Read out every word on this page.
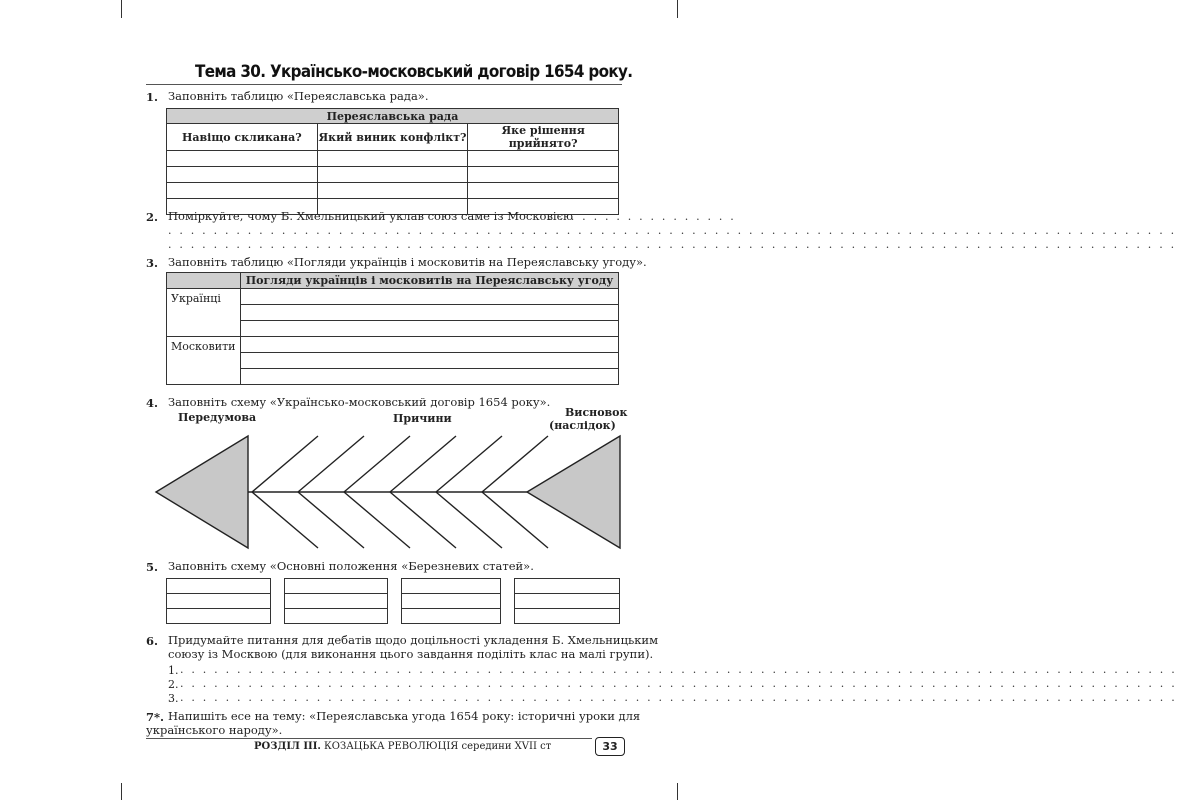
Тема 30. Українсько-московський договір 1654 року.
1. Заповніть таблицю «Переяславська рада».
Переяславська рада		
Навіщо скликана?	Який виник конфлікт?	Яке рішення прийнято?

2. Поміркуйте, чому Б. Хмельницький уклав союз саме із Московією
. . . . . . . . . . . . . . . . .
. . . . . . . . . . . . . . . . . . . . . . . . . . . . . . . . . . . . . . . . . . . . . . . . . . . . . . . . . . . . . . . . . . . . . . . . . . . . . . . . . . . . . . . . .
. . . . . . . . . . . . . . . . . . . . . . . . . . . . . . . . . . . . . . . . . . . . . . . . . . . . . . . . . . . . . . . . . . . . . . . . . . . . . . . . . . . . . . . . .
3. Заповніть таблицю «Погляди українців і московитів на Переяславську угоду».
	Погляди українців і московитів на Переяславську угоду
Українці	

Московити	

4. Заповніть схему «Українсько-московський договір 1654 року».
Передумова	Причини	Висновок
(наслідок)
5. Заповніть схему «Основні положення «Березневих статей».
6. Придумайте питання для дебатів щодо доцільності укладення Б. Хмельницьким
союзу із Москвою (для виконання цього завдання поділіть клас на малі групи).
1. . . . . . . . . . . . . . . . . . . . . . . . . . . . . . . . . . . . . . . . . . . . . . . . . . . . . . . . . . . . . . . . . . . . . . . . . . . . . . . . . . . . . . . . .
2. . . . . . . . . . . . . . . . . . . . . . . . . . . . . . . . . . . . . . . . . . . . . . . . . . . . . . . . . . . . . . . . . . . . . . . . . . . . . . . . . . . . . . . . .
3. . . . . . . . . . . . . . . . . . . . . . . . . . . . . . . . . . . . . . . . . . . . . . . . . . . . . . . . . . . . . . . . . . . . . . . . . . . . . . . . . . . . . . . . .
7*. Напишіть есе на тему: «Переяславська угода 1654 року: історичні уроки для
українського народу».
РОЗДІЛ ІІІ. КОЗАЦЬКА РЕВОЛЮЦІЯ середини XVII ст	33
